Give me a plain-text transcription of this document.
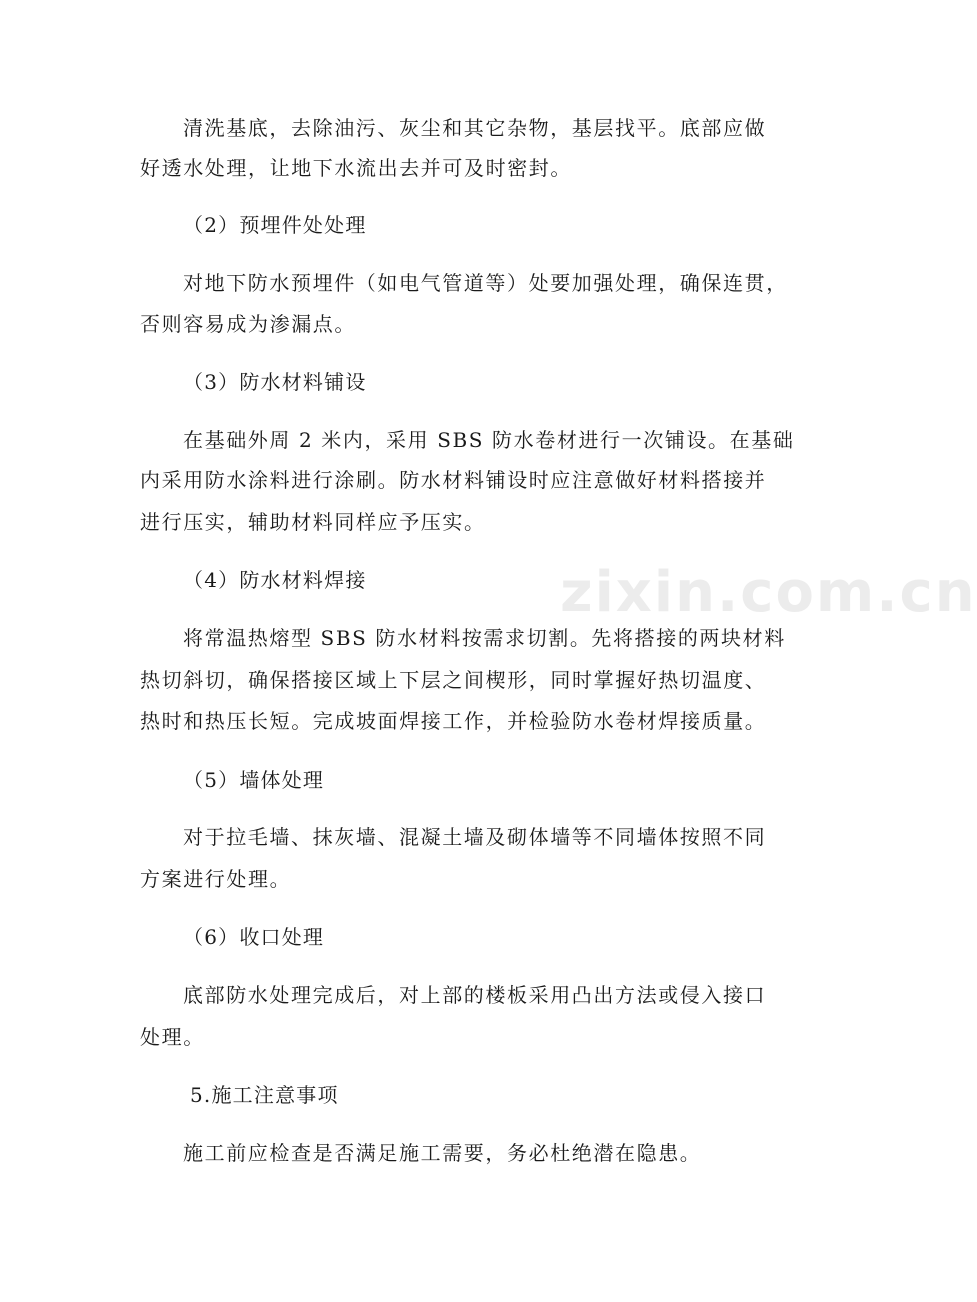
zixin.com.cn
清洗基底，去除油污、灰尘和其它杂物，基层找平。底部应做
好透水处理，让地下水流出去并可及时密封。
（2）预埋件处处理
对地下防水预埋件（如电气管道等）处要加强处理，确保连贯，
否则容易成为渗漏点。
（3）防水材料铺设
在基础外周 2 米内，采用 SBS 防水卷材进行一次铺设。在基础
内采用防水涂料进行涂刷。防水材料铺设时应注意做好材料搭接并
进行压实，辅助材料同样应予压实。
（4）防水材料焊接
将常温热熔型 SBS 防水材料按需求切割。先将搭接的两块材料
热切斜切，确保搭接区域上下层之间楔形，同时掌握好热切温度、
热时和热压长短。完成坡面焊接工作，并检验防水卷材焊接质量。
（5）墙体处理
对于拉毛墙、抹灰墙、混凝土墙及砌体墙等不同墙体按照不同
方案进行处理。
（6）收口处理
底部防水处理完成后，对上部的楼板采用凸出方法或侵入接口
处理。
5.施工注意事项
施工前应检查是否满足施工需要，务必杜绝潜在隐患。
